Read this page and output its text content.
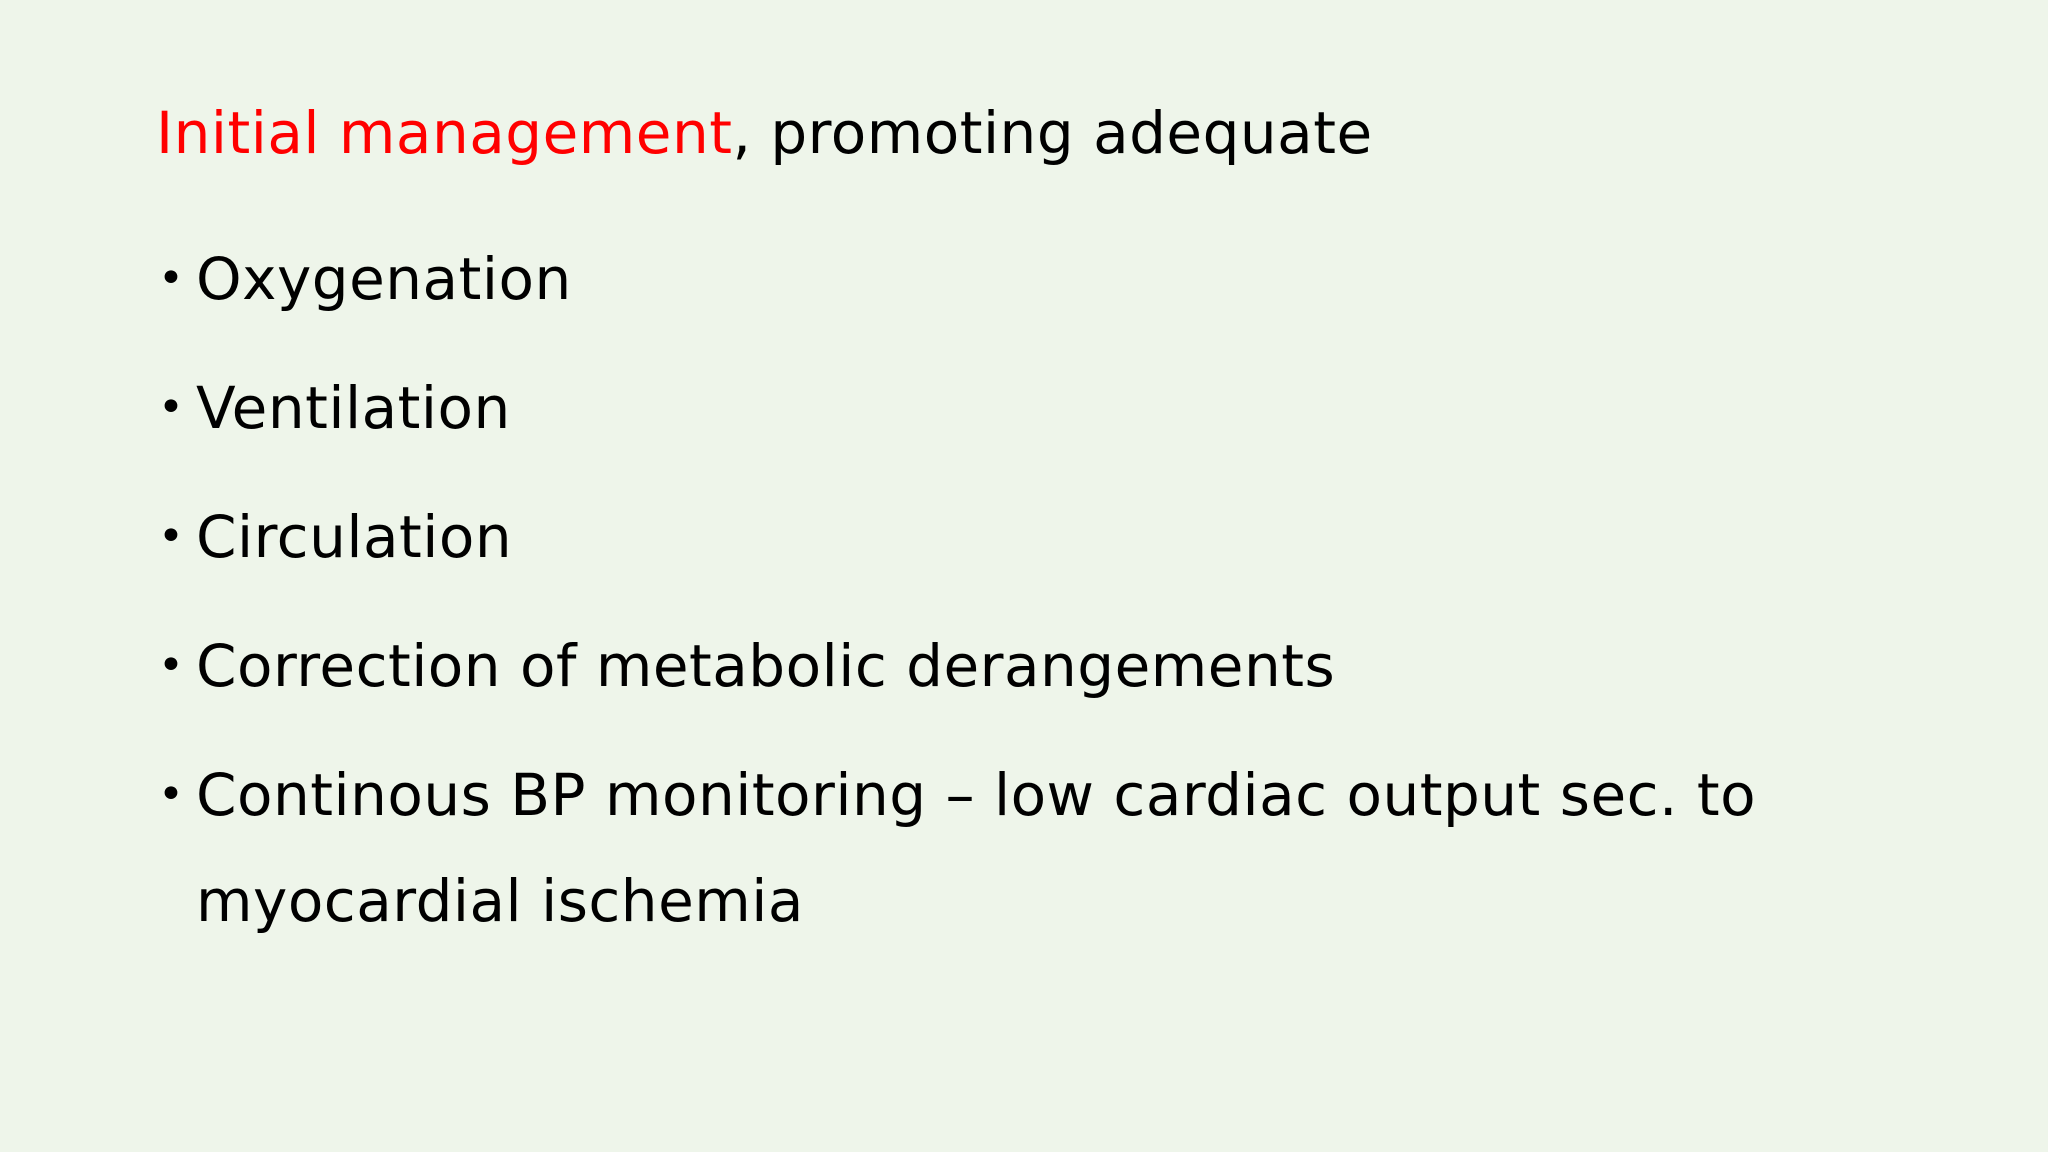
Initial management, promoting adequate
• Oxygenation
• Ventilation
• Circulation
• Correction of metabolic derangements
• Continous BP monitoring – low cardiac output sec. to myocardial ischemia
